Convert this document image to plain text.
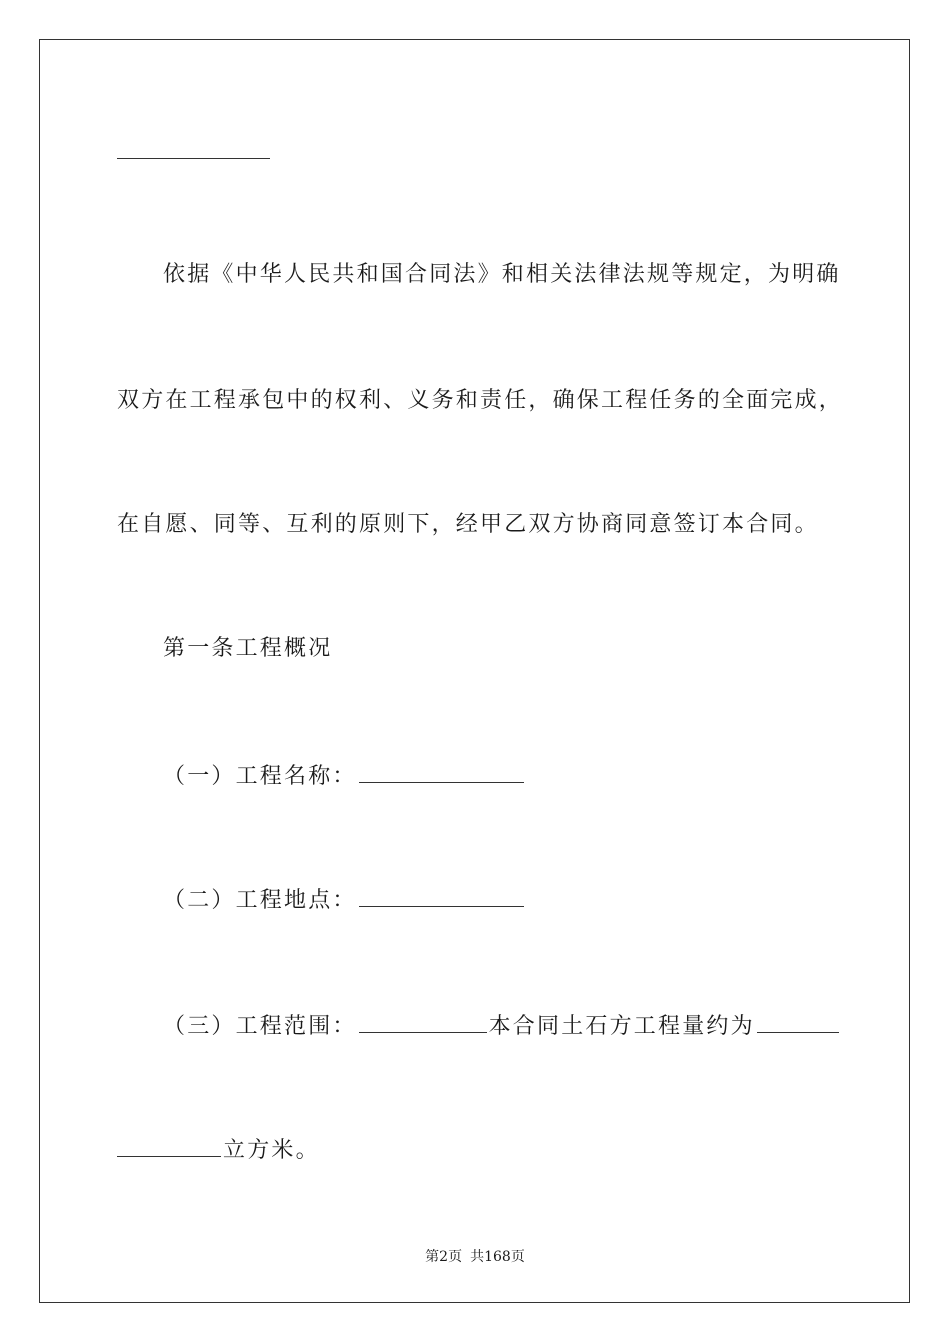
依据《中华人民共和国合同法》和相关法律法规等规定，为明确
双方在工程承包中的权利、义务和责任，确保工程任务的全面完成，
在自愿、同等、互利的原则下，经甲乙双方协商同意签订本合同。
第一条工程概况
（一）工程名称：
（二）工程地点：
（三）工程范围：	本合同土石方工程量约为
立方米。
第2页 共168页
